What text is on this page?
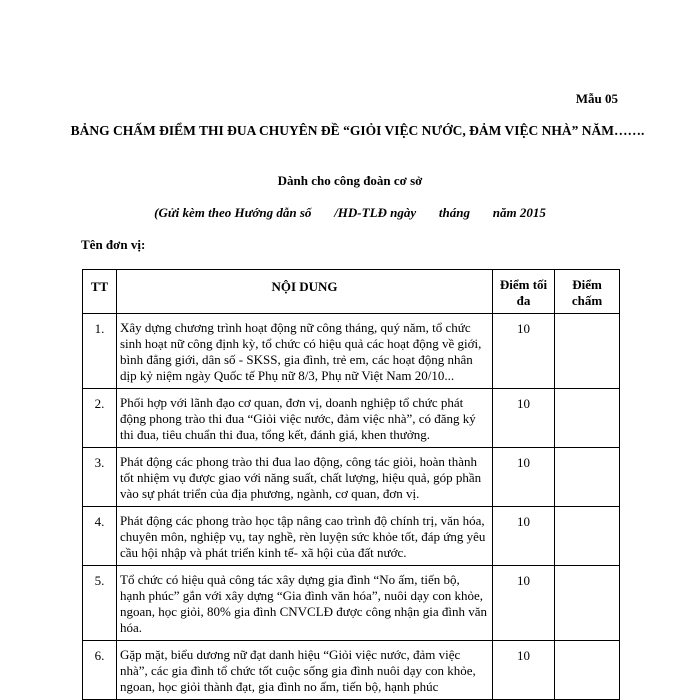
Mẫu 05
BẢNG CHẤM ĐIỂM THI ĐUA CHUYÊN ĐỀ “GIỎI VIỆC NƯỚC, ĐẢM VIỆC NHÀ” NĂM…….
Dành cho công đoàn cơ sở
(Gửi kèm theo Hướng dẫn số /HD-TLĐ ngày tháng năm 2015
Tên đơn vị:
TT	NỘI DUNG	Điểm tối đa	Điểm chấm
1.	Xây dựng chương trình hoạt động nữ công tháng, quý năm, tổ chức sinh hoạt nữ công định kỳ, tổ chức có hiệu quả các hoạt động về giới, bình đẳng giới, dân số - SKSS, gia đình, trẻ em, các hoạt động nhân dịp kỷ niệm ngày Quốc tế Phụ nữ 8/3, Phụ nữ Việt Nam 20/10...	10	
2.	Phối hợp với lãnh đạo cơ quan, đơn vị, doanh nghiệp tổ chức phát động phong trào thi đua “Giỏi việc nước, đảm việc nhà”, có đăng ký thi đua, tiêu chuẩn thi đua, tổng kết, đánh giá, khen thưởng.	10	
3.	Phát động các phong trào thi đua lao động, công tác giỏi, hoàn thành tốt nhiệm vụ được giao với năng suất, chất lượng, hiệu quả, góp phần vào sự phát triển của địa phương, ngành, cơ quan, đơn vị.	10	
4.	Phát động các phong trào học tập nâng cao trình độ chính trị, văn hóa, chuyên môn, nghiệp vụ, tay nghề, rèn luyện sức khỏe tốt, đáp ứng yêu cầu hội nhập và phát triển kinh tế- xã hội của đất nước.	10	
5.	Tổ chức có hiệu quả công tác xây dựng gia đình “No ấm, tiến bộ, hạnh phúc” gắn với xây dựng “Gia đình văn hóa”, nuôi dạy con khỏe, ngoan, học giỏi, 80% gia đình CNVCLĐ được công nhận gia đình văn hóa.	10	
6.	Gặp mặt, biểu dương nữ đạt danh hiệu “Giỏi việc nước, đảm việc nhà”, các gia đình tổ chức tốt cuộc sống gia đình nuôi dạy con khỏe, ngoan, học giỏi thành đạt, gia đình no ấm, tiến bộ, hạnh phúc	10	
